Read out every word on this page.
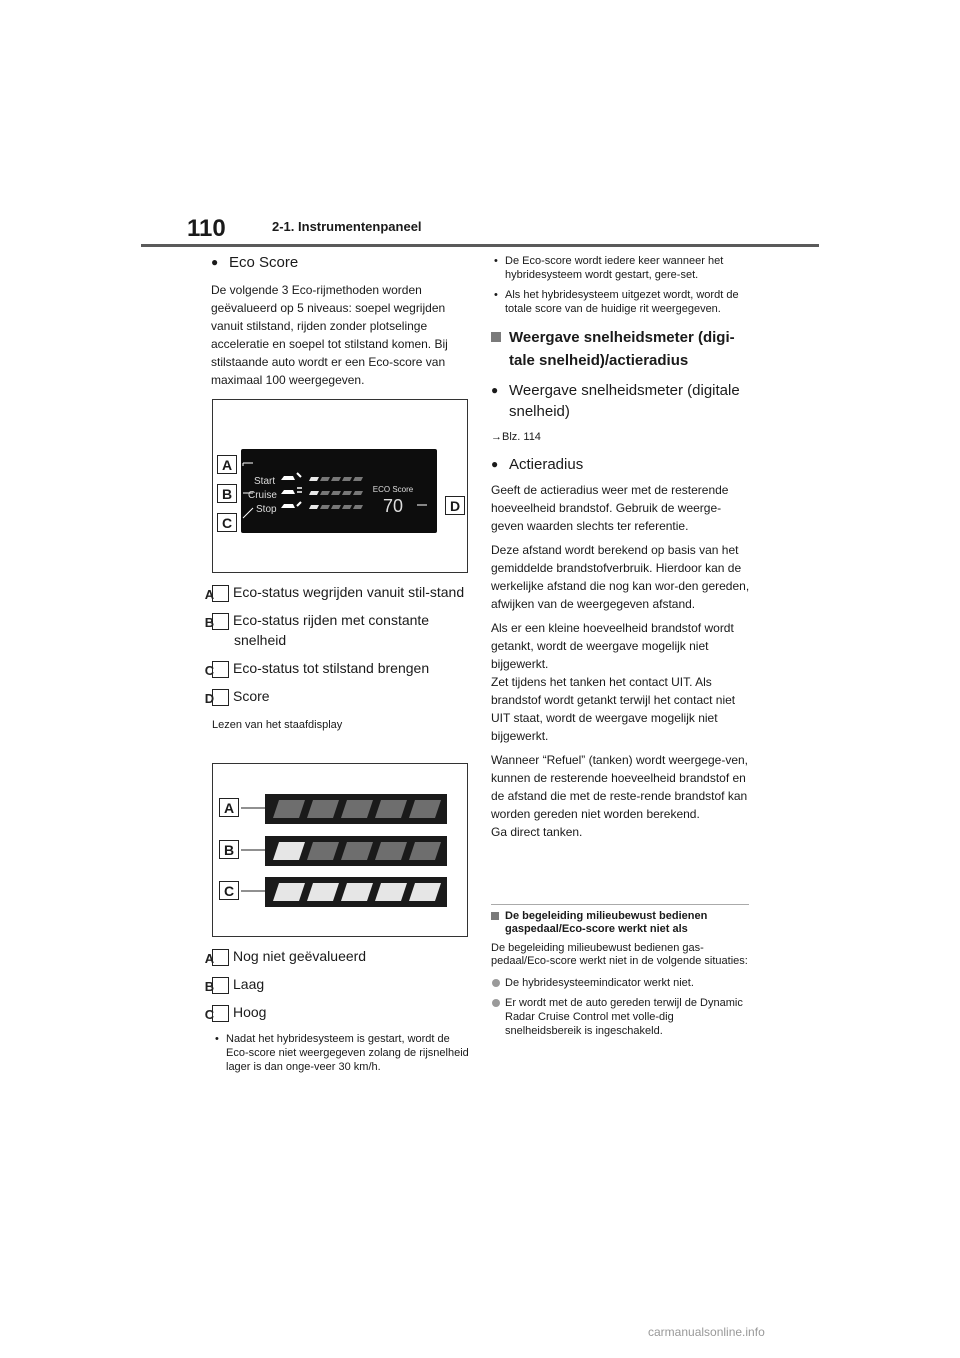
110	2-1. Instrumentenpaneel

● Eco Score

De volgende 3 Eco-rijmethoden worden geëvalueerd op 5 niveaus: soepel wegrijden vanuit stilstand, rijden zonder plotselinge acceleratie en soepel tot stilstand komen. Bij stilstaande auto wordt er een Eco-score van maximaal 100 weergegeven.

Start
Cruise
Stop
ECO Score
70
A
B
C
D

A Eco-status wegrijden vanuit stil-stand

B Eco-status rijden met constante snelheid

C Eco-status tot stilstand brengen

D Score

Lezen van het staafdisplay

A
B
C

A Nog niet geëvalueerd

B Laag

C Hoog

• Nadat het hybridesysteem is gestart, wordt de Eco-score niet weergegeven zolang de rijsnelheid lager is dan onge-veer 30 km/h.

• De Eco-score wordt iedere keer wanneer het hybridesysteem wordt gestart, gere-set.

• Als het hybridesysteem uitgezet wordt, wordt de totale score van de huidige rit weergegeven.

Weergave snelheidsmeter (digi-tale snelheid)/actieradius

● Weergave snelheidsmeter (digitale snelheid)

→Blz. 114

● Actieradius

Geeft de actieradius weer met de resterende hoeveelheid brandstof. Gebruik de weerge-geven waarden slechts ter referentie.

Deze afstand wordt berekend op basis van het gemiddelde brandstofverbruik. Hierdoor kan de werkelijke afstand die nog kan wor-den gereden, afwijken van de weergegeven afstand.

Als er een kleine hoeveelheid brandstof wordt getankt, wordt de weergave mogelijk niet bijgewerkt.

Zet tijdens het tanken het contact UIT. Als brandstof wordt getankt terwijl het contact niet UIT staat, wordt de weergave mogelijk niet bijgewerkt.

Wanneer “Refuel” (tanken) wordt weergege-ven, kunnen de resterende hoeveelheid brandstof en de afstand die met de reste-rende brandstof kan worden gereden niet worden berekend.

Ga direct tanken.

De begeleiding milieubewust bedienen gaspedaal/Eco-score werkt niet als

De begeleiding milieubewust bedienen gas-pedaal/Eco-score werkt niet in de volgende situaties:

De hybridesysteemindicator werkt niet.

Er wordt met de auto gereden terwijl de Dynamic Radar Cruise Control met volle-dig snelheidsbereik is ingeschakeld.

carmanualsonline.info
